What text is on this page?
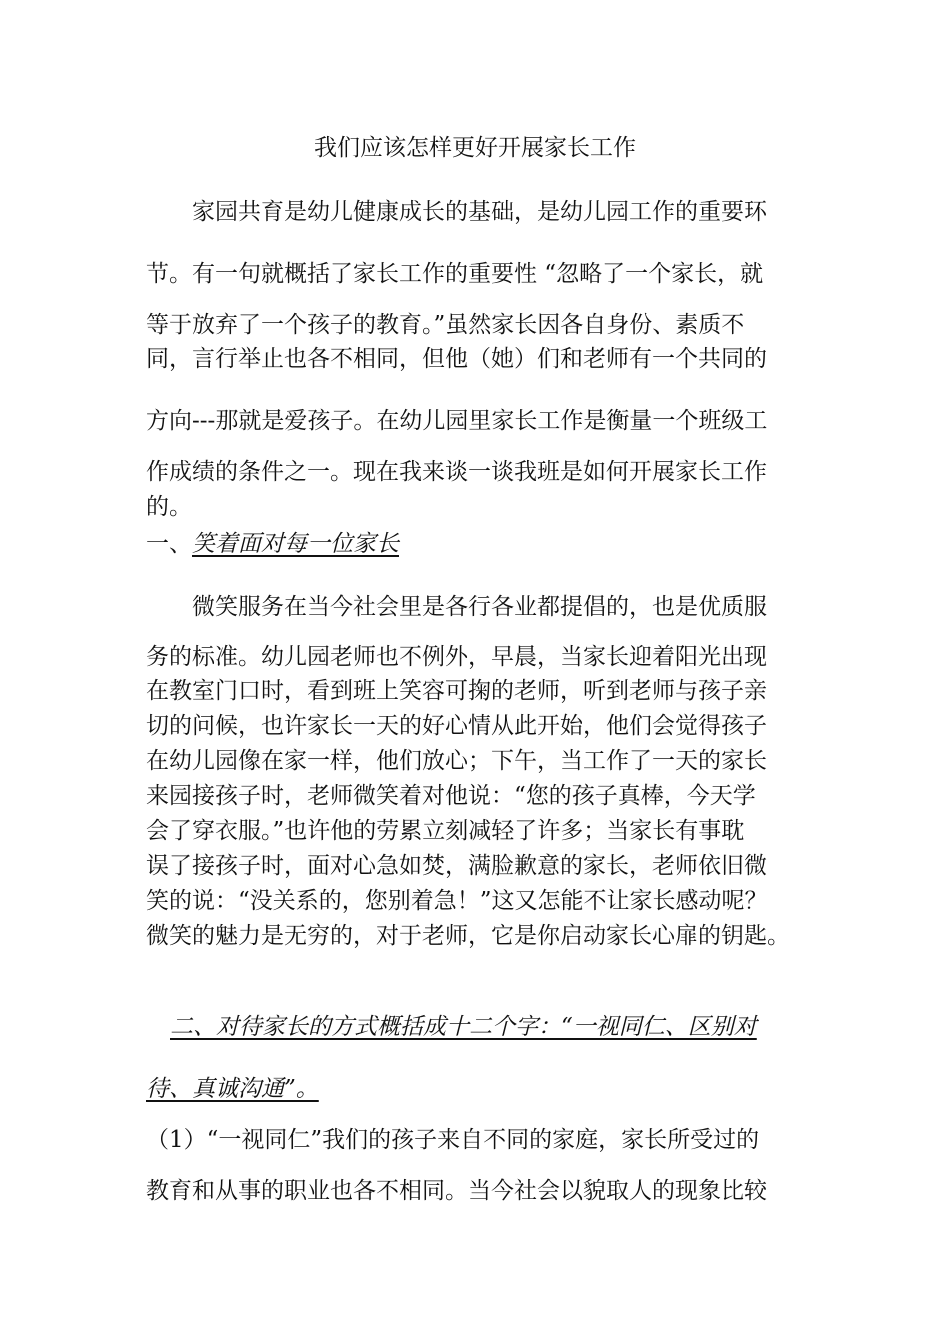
我们应该怎样更好开展家长工作
家园共育是幼儿健康成长的基础，是幼儿园工作的重要环
节。有一句就概括了家长工作的重要性 “忽略了一个家长，就
等于放弃了一个孩子的教育。”虽然家长因各自身份、素质不
同，言行举止也各不相同，但他（她）们和老师有一个共同的
方向---那就是爱孩子。在幼儿园里家长工作是衡量一个班级工
作成绩的条件之一。现在我来谈一谈我班是如何开展家长工作
的。
一、笑着面对每一位家长
微笑服务在当今社会里是各行各业都提倡的，也是优质服
务的标准。幼儿园老师也不例外，早晨，当家长迎着阳光出现
在教室门口时，看到班上笑容可掬的老师，听到老师与孩子亲
切的问候，也许家长一天的好心情从此开始，他们会觉得孩子
在幼儿园像在家一样，他们放心；下午，当工作了一天的家长
来园接孩子时，老师微笑着对他说：“您的孩子真棒，今天学
会了穿衣服。”也许他的劳累立刻减轻了许多；当家长有事耽
误了接孩子时，面对心急如焚，满脸歉意的家长，老师依旧微
笑的说：“没关系的，您别着急！”这又怎能不让家长感动呢？
微笑的魅力是无穷的，对于老师，它是你启动家长心扉的钥匙。
二、对待家长的方式概括成十二个字：“一视同仁、区别对
待、真诚沟通”。
（1）“一视同仁”我们的孩子来自不同的家庭，家长所受过的
教育和从事的职业也各不相同。当今社会以貌取人的现象比较
